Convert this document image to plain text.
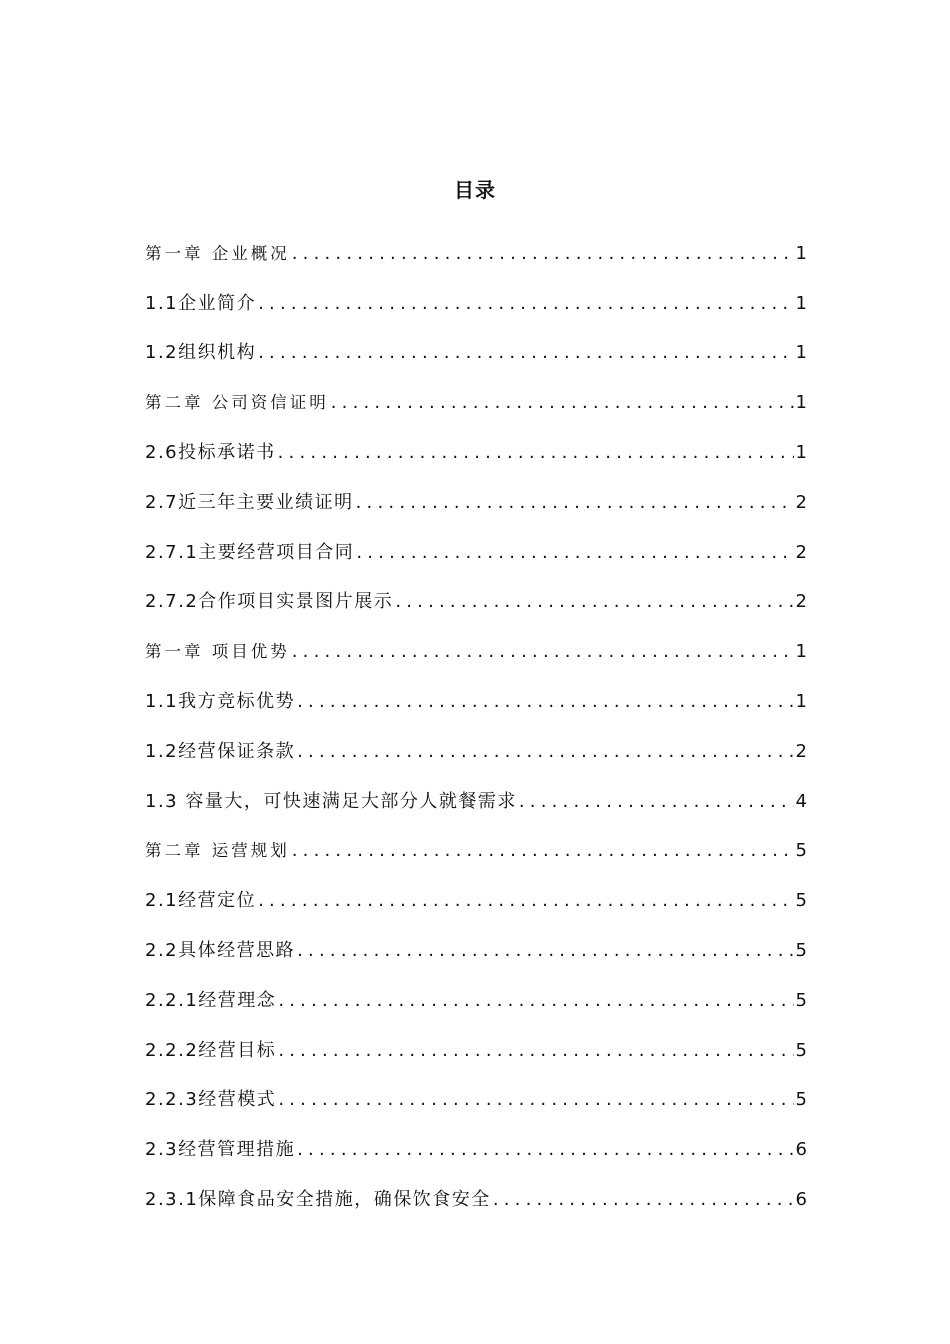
目录
第一章 企业概况 .....	1
1.1企业简介 .....	1
1.2组织机构 .....	1
第二章 公司资信证明 .....	1
2.6投标承诺书 .....	1
2.7近三年主要业绩证明 .....	2
2.7.1主要经营项目合同 .....	2
2.7.2合作项目实景图片展示 .....	2
第一章 项目优势 .....	1
1.1我方竞标优势 .....	1
1.2经营保证条款 .....	2
1.3 容量大，可快速满足大部分人就餐需求 .....	4
第二章 运营规划 .....	5
2.1经营定位 .....	5
2.2具体经营思路 .....	5
2.2.1经营理念 .....	5
2.2.2经营目标 .....	5
2.2.3经营模式 .....	5
2.3经营管理措施 .....	6
2.3.1保障食品安全措施，确保饮食安全 .....	6
